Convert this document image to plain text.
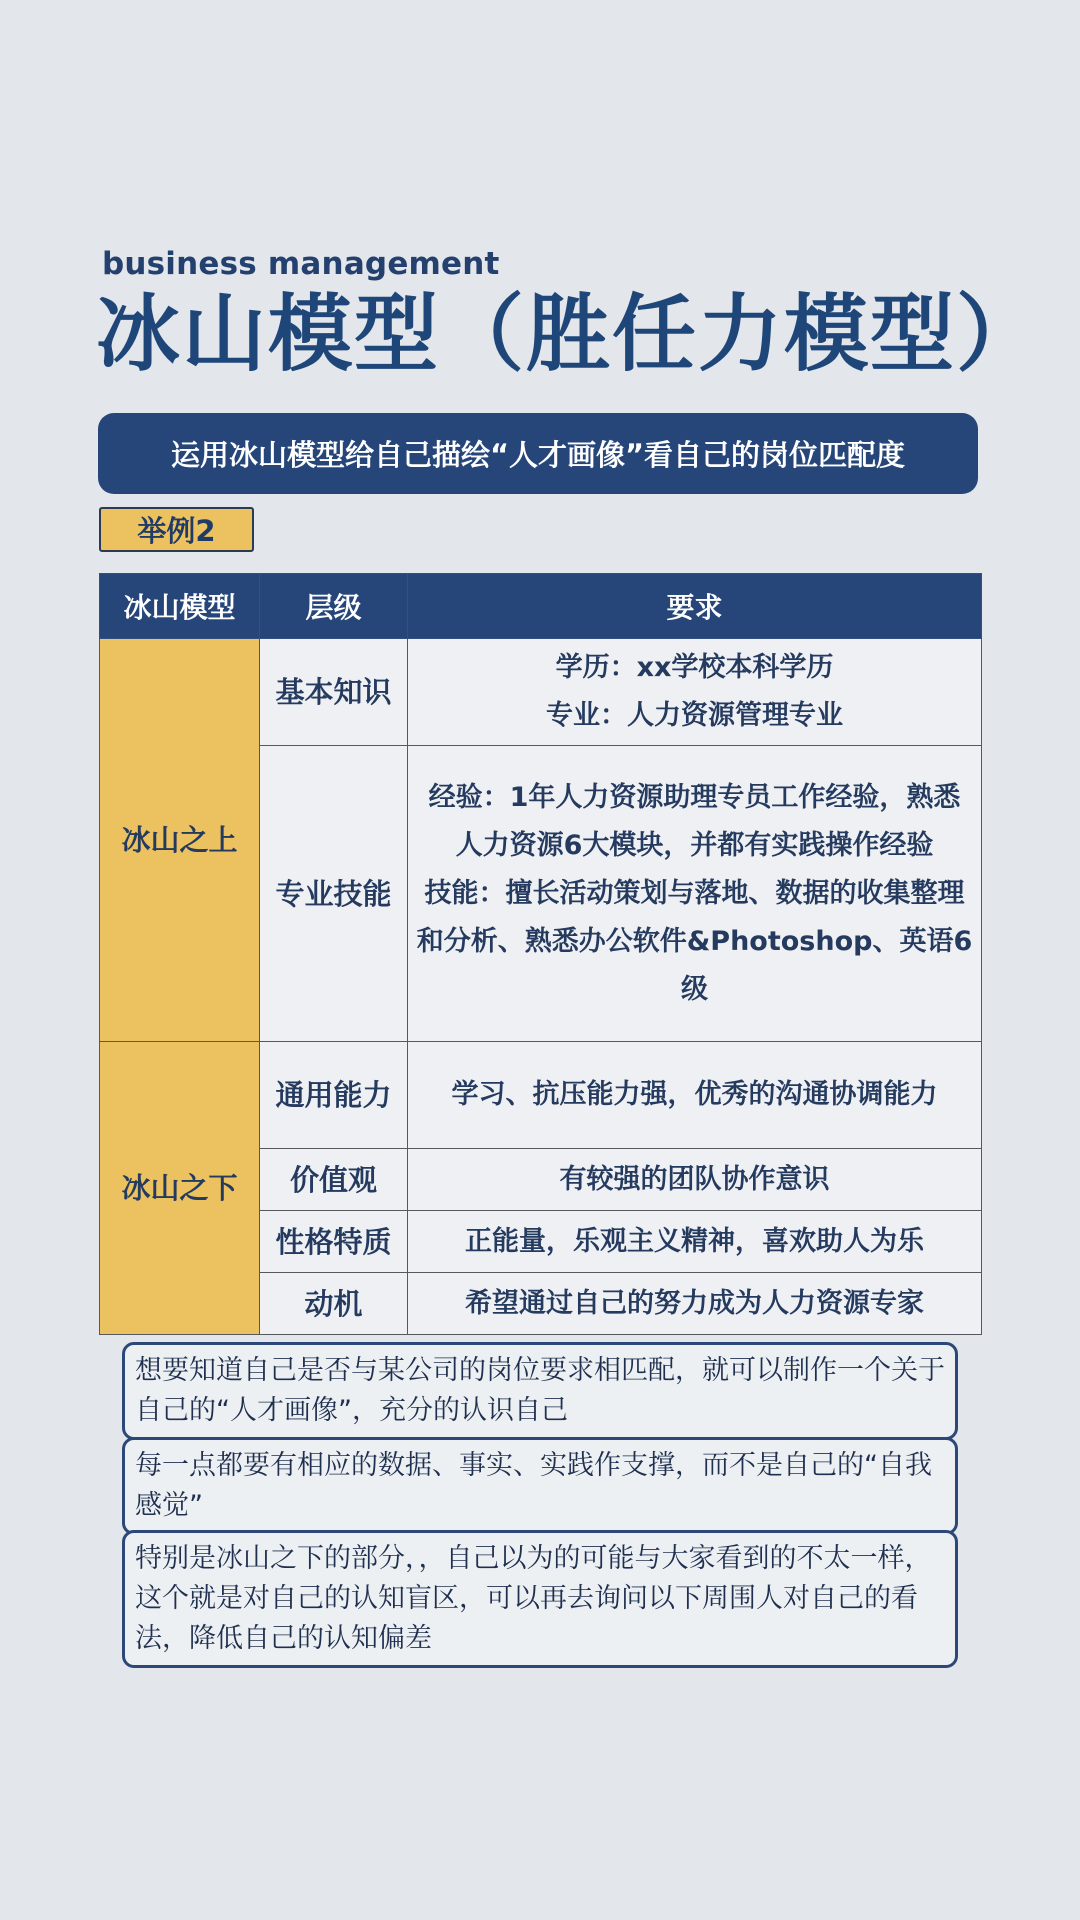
business management
冰山模型（胜任力模型）
运用冰山模型给自己描绘“人才画像”看自己的岗位匹配度
举例2
冰山模型	层级	要求
冰山之上	基本知识	学历：xx学校本科学历
专业：人力资源管理专业

	专业技能	经验：1年人力资源助理专员工作经验，熟悉人力资源6大模块，并都有实践操作经验
技能：擅长活动策划与落地、数据的收集整理和分析、熟悉办公软件&Photoshop、英语6级

冰山之下	通用能力	学习、抗压能力强，优秀的沟通协调能力

	价值观	有较强的团队协作意识

	性格特质	正能量，乐观主义精神，喜欢助人为乐

	动机	希望通过自己的努力成为人力资源专家
想要知道自己是否与某公司的岗位要求相匹配，就可以制作一个关于自己的“人才画像”，充分的认识自己
每一点都要有相应的数据、事实、实践作支撑，而不是自己的“自我感觉”
特别是冰山之下的部分，，自己以为的可能与大家看到的不太一样，这个就是对自己的认知盲区，可以再去询问以下周围人对自己的看法，降低自己的认知偏差
